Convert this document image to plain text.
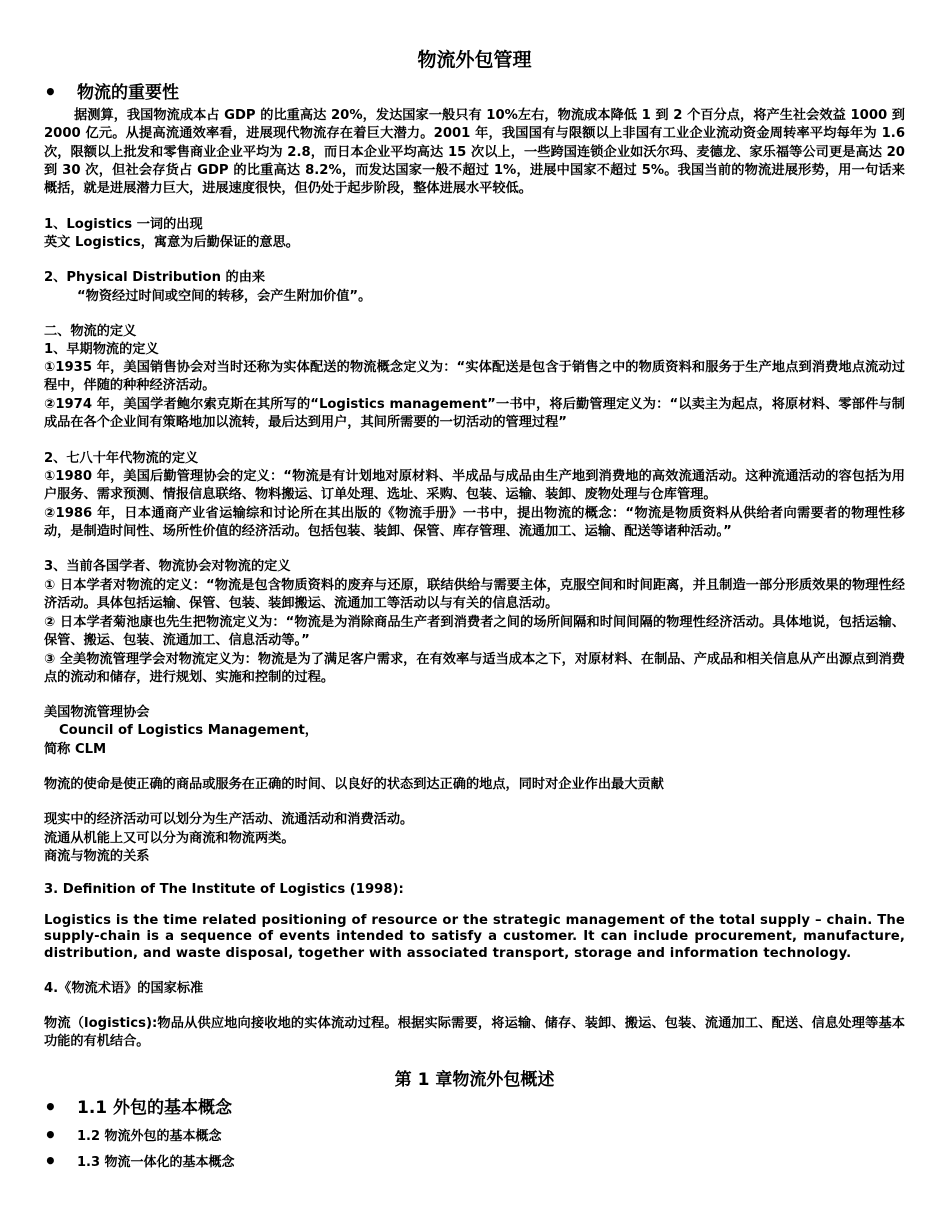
物流外包管理
• 物流的重要性

据测算，我国物流成本占 GDP 的比重高达 20%，发达国家一般只有 10%左右，物流成本降低 1 到 2 个百分点，将产生社会效益 1000 到 2000 亿元。从提高流通效率看，进展现代物流存在着巨大潜力。2001 年，我国国有与限额以上非国有工业企业流动资金周转率平均每年为 1.6 次，限额以上批发和零售商业企业平均为 2.8，而日本企业平均高达 15 次以上，一些跨国连锁企业如沃尔玛、麦德龙、家乐福等公司更是高达 20 到 30 次，但社会存货占 GDP 的比重高达 8.2%，而发达国家一般不超过 1%，进展中国家不超过 5%。我国当前的物流进展形势，用一句话来概括，就是进展潜力巨大，进展速度很快，但仍处于起步阶段，整体进展水平较低。

1、Logistics 一词的出现

英文 Logistics，寓意为后勤保证的意思。

2、Physical Distribution 的由来

“物资经过时间或空间的转移，会产生附加价值”。

二、物流的定义

1、早期物流的定义

①1935 年，美国销售协会对当时还称为实体配送的物流概念定义为：“实体配送是包含于销售之中的物质资料和服务于生产地点到消费地点流动过程中，伴随的种种经济活动。

②1974 年，美国学者鲍尔索克斯在其所写的“Logistics management”一书中，将后勤管理定义为：“以卖主为起点，将原材料、零部件与制成品在各个企业间有策略地加以流转，最后达到用户，其间所需要的一切活动的管理过程”

2、七八十年代物流的定义

①1980 年，美国后勤管理协会的定义：“物流是有计划地对原材料、半成品与成品由生产地到消费地的高效流通活动。这种流通活动的容包括为用户服务、需求预测、情报信息联络、物料搬运、订单处理、选址、采购、包装、运输、装卸、废物处理与仓库管理。

②1986 年，日本通商产业省运输综和讨论所在其出版的《物流手册》一书中，提出物流的概念：“物流是物质资料从供给者向需要者的物理性移动，是制造时间性、场所性价值的经济活动。包括包装、装卸、保管、库存管理、流通加工、运输、配送等诸种活动。”

3、当前各国学者、物流协会对物流的定义

① 日本学者对物流的定义：“物流是包含物质资料的废弃与还原，联结供给与需要主体，克服空间和时间距离，并且制造一部分形质效果的物理性经济活动。具体包括运输、保管、包装、装卸搬运、流通加工等活动以与有关的信息活动。

② 日本学者菊池康也先生把物流定义为：“物流是为消除商品生产者到消费者之间的场所间隔和时间间隔的物理性经济活动。具体地说，包括运输、保管、搬运、包装、流通加工、信息活动等。”

③ 全美物流管理学会对物流定义为：物流是为了满足客户需求，在有效率与适当成本之下，对原材料、在制品、产成品和相关信息从产出源点到消费点的流动和储存，进行规划、实施和控制的过程。

美国物流管理协会

Council of Logistics Management，

简称 CLM

物流的使命是使正确的商品或服务在正确的时间、以良好的状态到达正确的地点，同时对企业作出最大贡献

现实中的经济活动可以划分为生产活动、流通活动和消费活动。

流通从机能上又可以分为商流和物流两类。

商流与物流的关系

3. Definition of The Institute of Logistics (1998):

Logistics is the time related positioning of resource or the strategic management of the total supply – chain. The supply-chain is a sequence of events intended to satisfy a customer. It can include procurement, manufacture, distribution, and waste disposal, together with associated transport, storage and information technology.

4.《物流术语》的国家标准

物流（logistics):物品从供应地向接收地的实体流动过程。根据实际需要，将运输、储存、装卸、搬运、包装、流通加工、配送、信息处理等基本功能的有机结合。

第 1 章物流外包概述
• 1.1 外包的基本概念
• 1.2 物流外包的基本概念
• 1.3 物流一体化的基本概念
